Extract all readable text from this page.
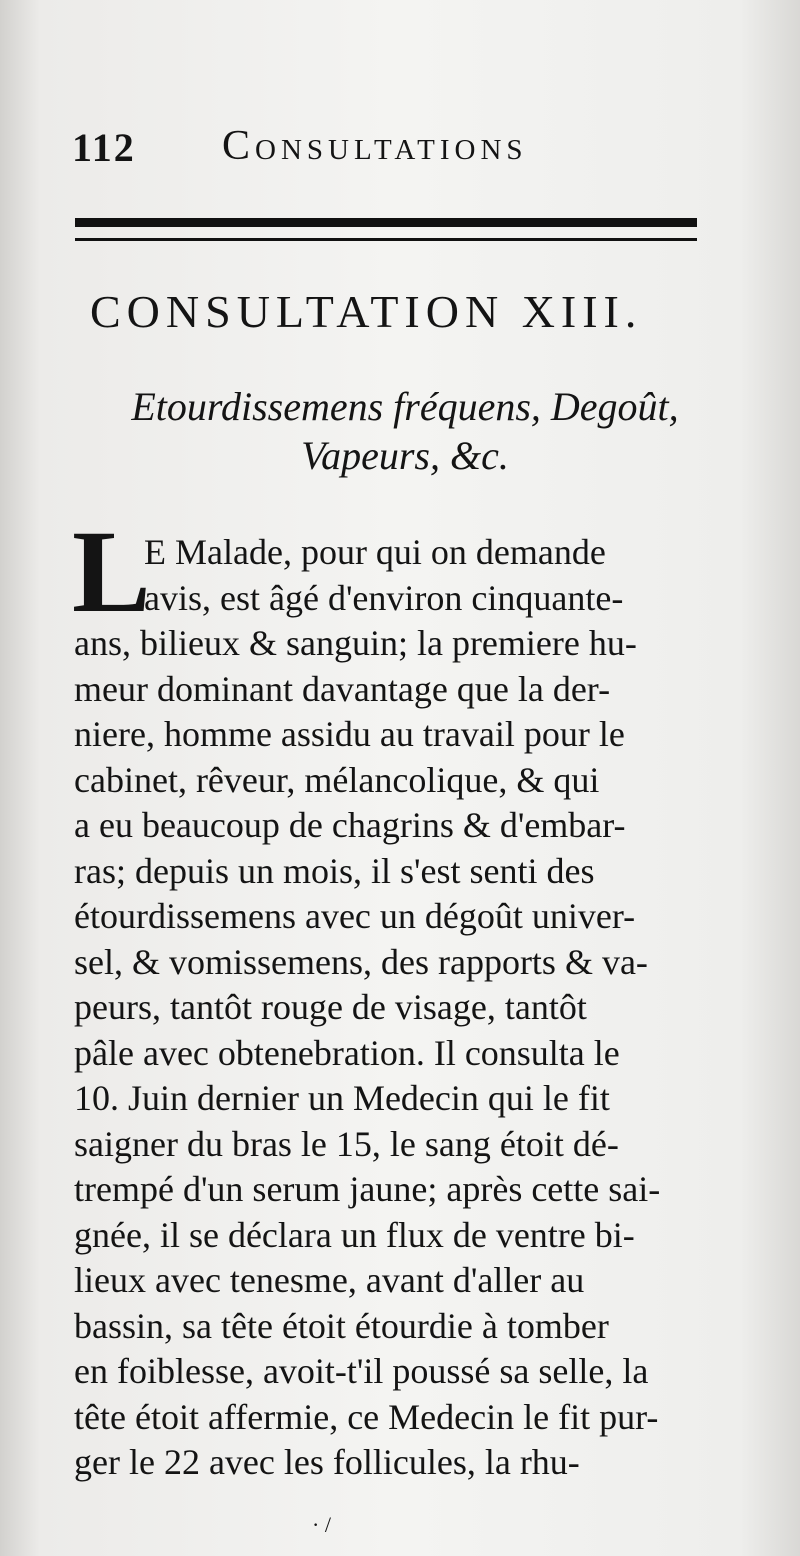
112 Consultations
CONSULTATION XIII.
Etourdissemens fréquens, Degoût,
Vapeurs, &c.
L
E Malade, pour qui on demande
avis, est âgé d'environ cinquante-
ans, bilieux & sanguin; la premiere hu-
meur dominant davantage que la der-
niere, homme assidu au travail pour le
cabinet, rêveur, mélancolique, & qui
a eu beaucoup de chagrins & d'embar-
ras; depuis un mois, il s'est senti des
étourdissemens avec un dégoût univer-
sel, & vomissemens, des rapports & va-
peurs, tantôt rouge de visage, tantôt
pâle avec obtenebration. Il consulta le
10. Juin dernier un Medecin qui le fit
saigner du bras le 15, le sang étoit dé-
trempé d'un serum jaune; après cette sai-
gnée, il se déclara un flux de ventre bi-
lieux avec tenesme, avant d'aller au
bassin, sa tête étoit étourdie à tomber
en foiblesse, avoit-t'il poussé sa selle, la
tête étoit affermie, ce Medecin le fit pur-
ger le 22 avec les follicules, la rhu-
· /
